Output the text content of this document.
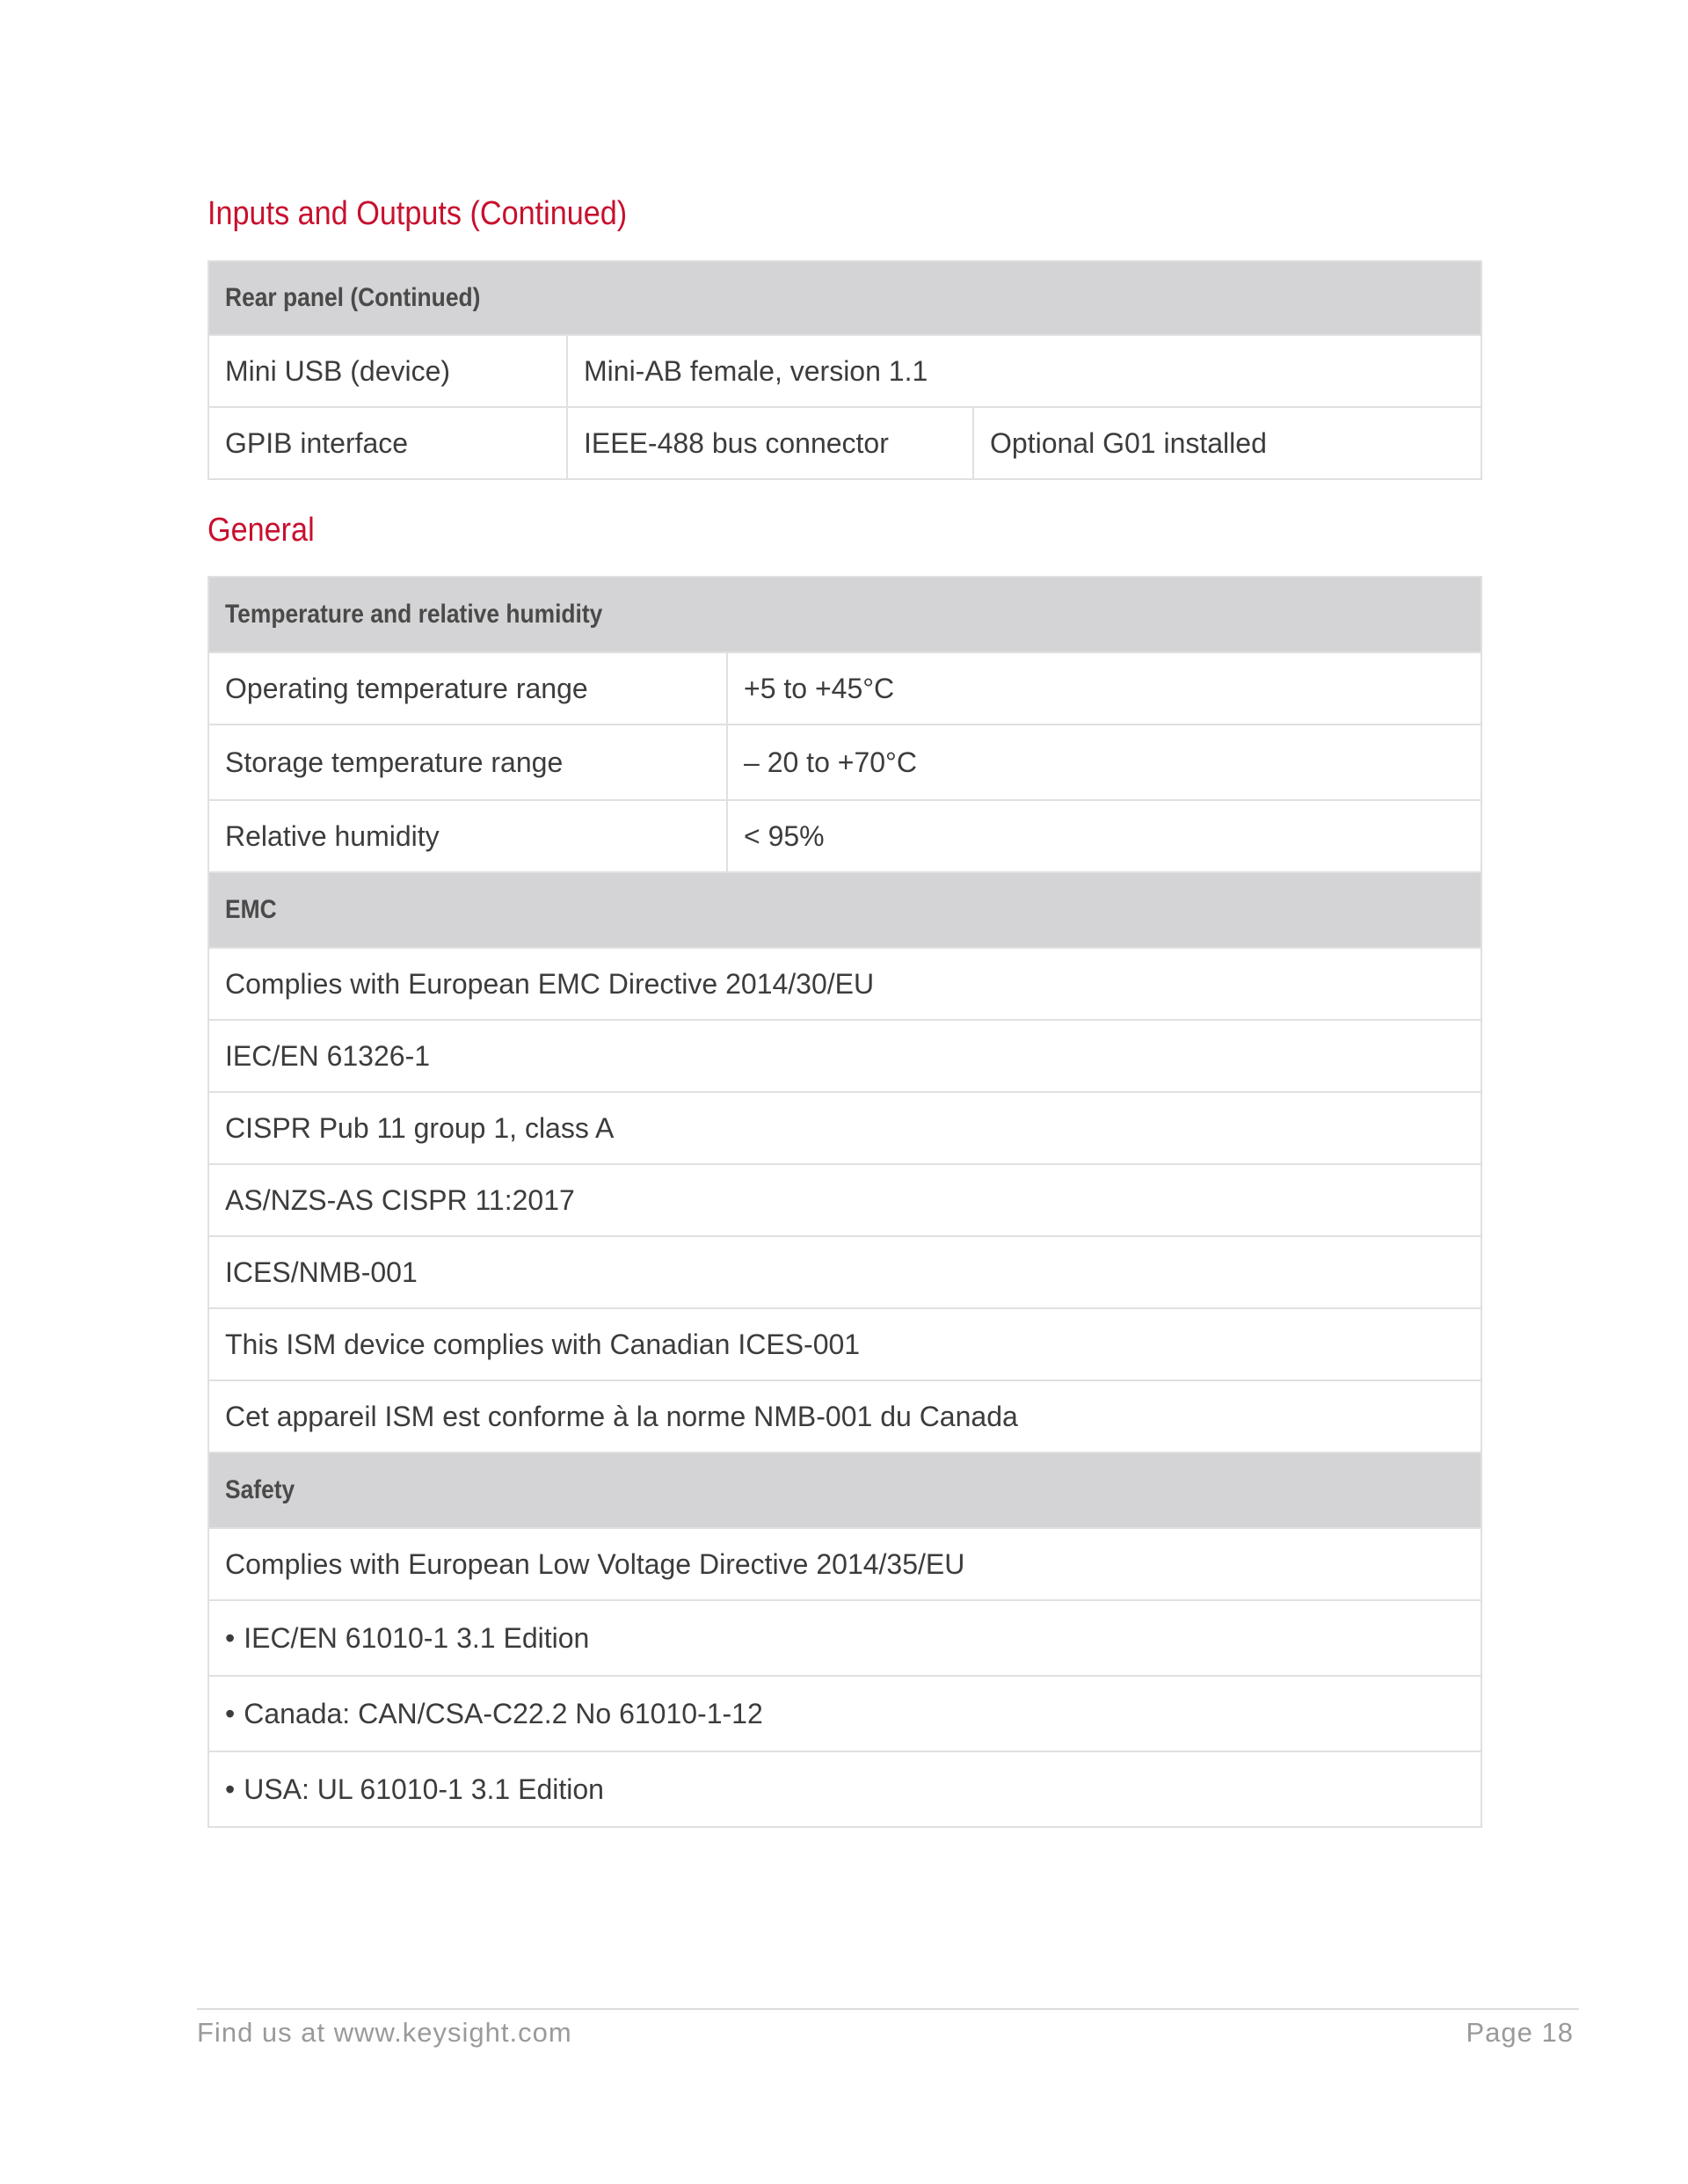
Inputs and Outputs (Continued)
Rear panel (Continued)		
Mini USB (device)	Mini-AB female, version 1.1	
GPIB interface	IEEE-488 bus connector	Optional G01 installed
General
Temperature and relative humidity	
Operating temperature range	+5 to +45°C
Storage temperature range	– 20 to +70°C
Relative humidity	< 95%
EMC	
Complies with European EMC Directive 2014/30/EU	
IEC/EN 61326-1	
CISPR Pub 11 group 1, class A	
AS/NZS-AS CISPR 11:2017	
ICES/NMB-001	
This ISM device complies with Canadian ICES-001	
Cet appareil ISM est conforme à la norme NMB-001 du Canada	
Safety	
Complies with European Low Voltage Directive 2014/35/EU	
• IEC/EN 61010-1 3.1 Edition
• Canada: CAN/CSA-C22.2 No 61010-1-12
• USA: UL 61010-1 3.1 Edition
Find us at www.keysight.com	Page 18
